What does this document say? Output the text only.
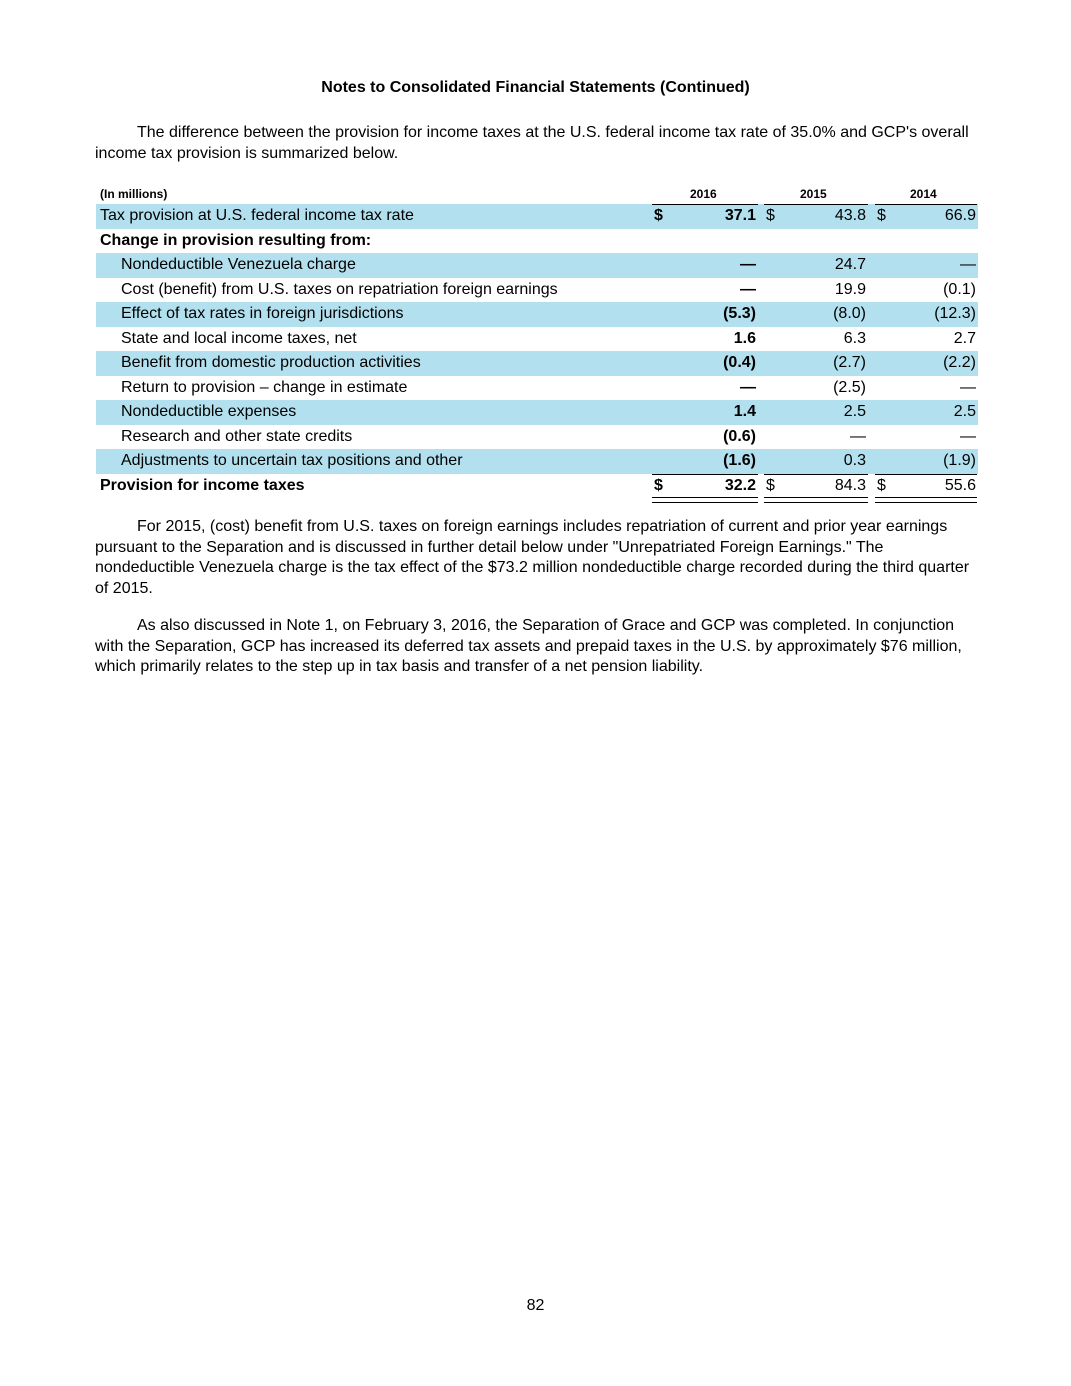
Notes to Consolidated Financial Statements (Continued)

The difference between the provision for income taxes at the U.S. federal income tax rate of 35.0% and GCP's overall income tax provision is summarized below.

(In millions)	2016	2015	2014
Tax provision at U.S. federal income tax rate	$	37.1 $	43.8 $	66.9
Change in provision resulting from:
Nondeductible Venezuela charge	—	24.7	—
Cost (benefit) from U.S. taxes on repatriation foreign earnings	—	19.9	(0.1)
Effect of tax rates in foreign jurisdictions	(5.3)	(8.0)	(12.3)
State and local income taxes, net	1.6	6.3	2.7
Benefit from domestic production activities	(0.4)	(2.7)	(2.2)
Return to provision – change in estimate	—	(2.5)	—
Nondeductible expenses	1.4	2.5	2.5
Research and other state credits	(0.6)	—	—
Adjustments to uncertain tax positions and other	(1.6)	0.3	(1.9)
Provision for income taxes	$	32.2 $	84.3 $	55.6

For 2015, (cost) benefit from U.S. taxes on foreign earnings includes repatriation of current and prior year earnings pursuant to the Separation and is discussed in further detail below under "Unrepatriated Foreign Earnings." The nondeductible Venezuela charge is the tax effect of the $73.2 million nondeductible charge recorded during the third quarter of 2015.

As also discussed in Note 1, on February 3, 2016, the Separation of Grace and GCP was completed. In conjunction with the Separation, GCP has increased its deferred tax assets and prepaid taxes in the U.S. by approximately $76 million, which primarily relates to the step up in tax basis and transfer of a net pension liability.

82
